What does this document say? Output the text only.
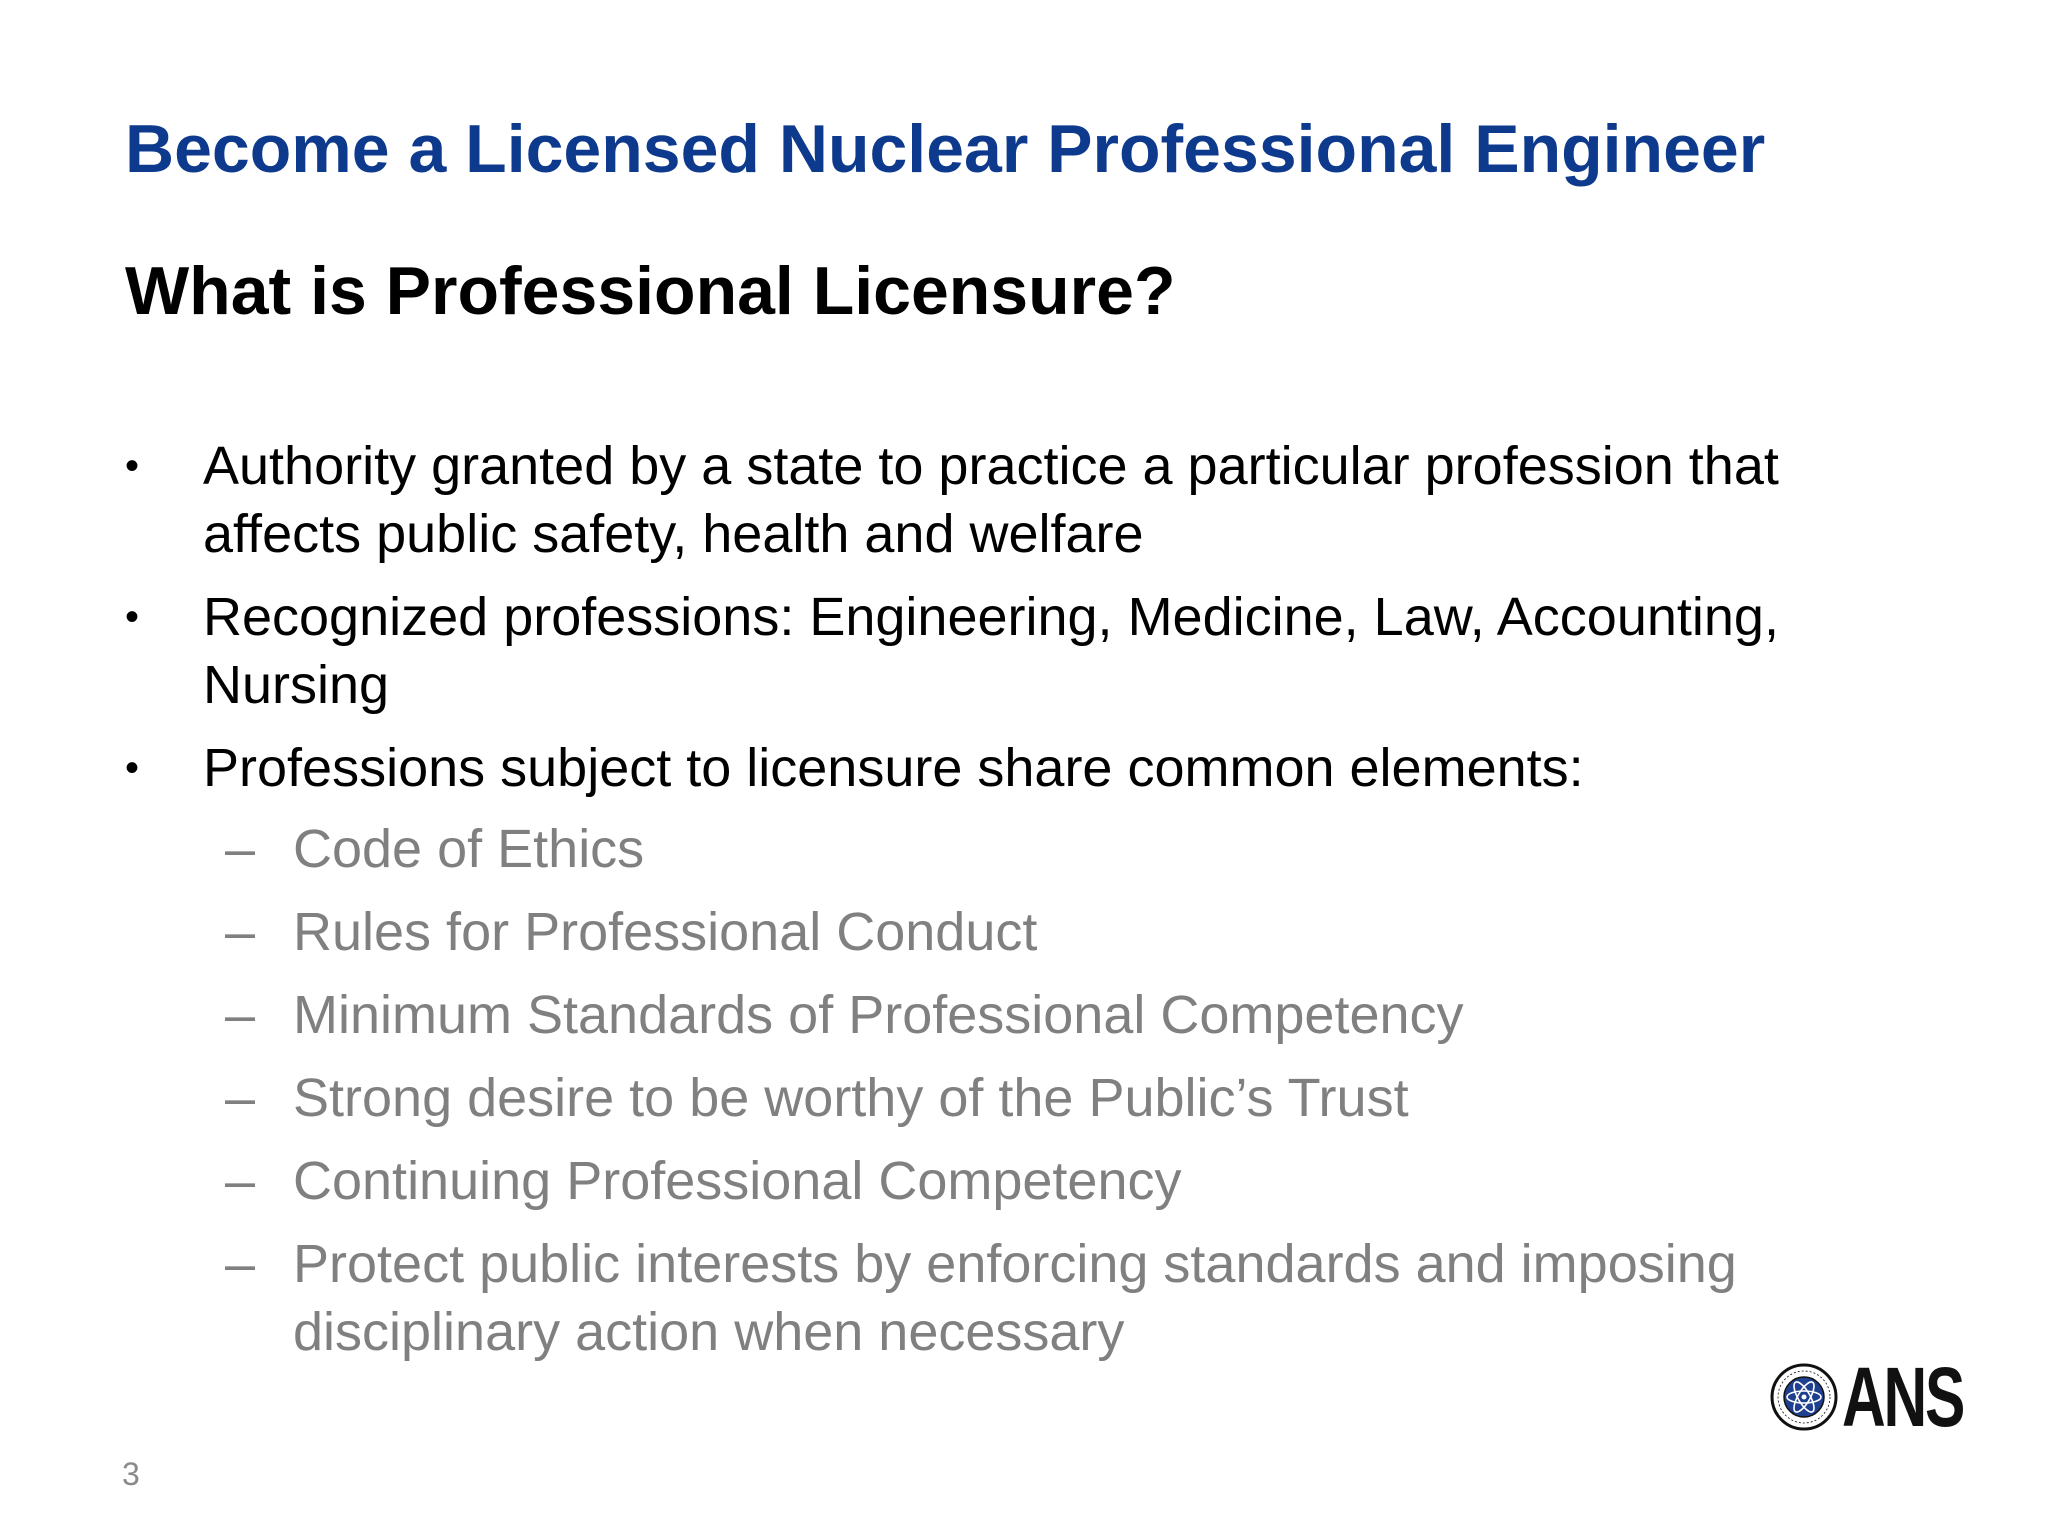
Become a Licensed Nuclear Professional Engineer
What is Professional Licensure?
•	Authority granted by a state to practice a particular profession that affects public safety, health and welfare
•	Recognized professions: Engineering, Medicine, Law, Accounting, Nursing
•	Professions subject to licensure share common elements:
– Code of Ethics
– Rules for Professional Conduct
– Minimum Standards of Professional Competency
– Strong desire to be worthy of the Public’s Trust
– Continuing Professional Competency
– Protect public interests by enforcing standards and imposing disciplinary action when necessary
ANS
3
